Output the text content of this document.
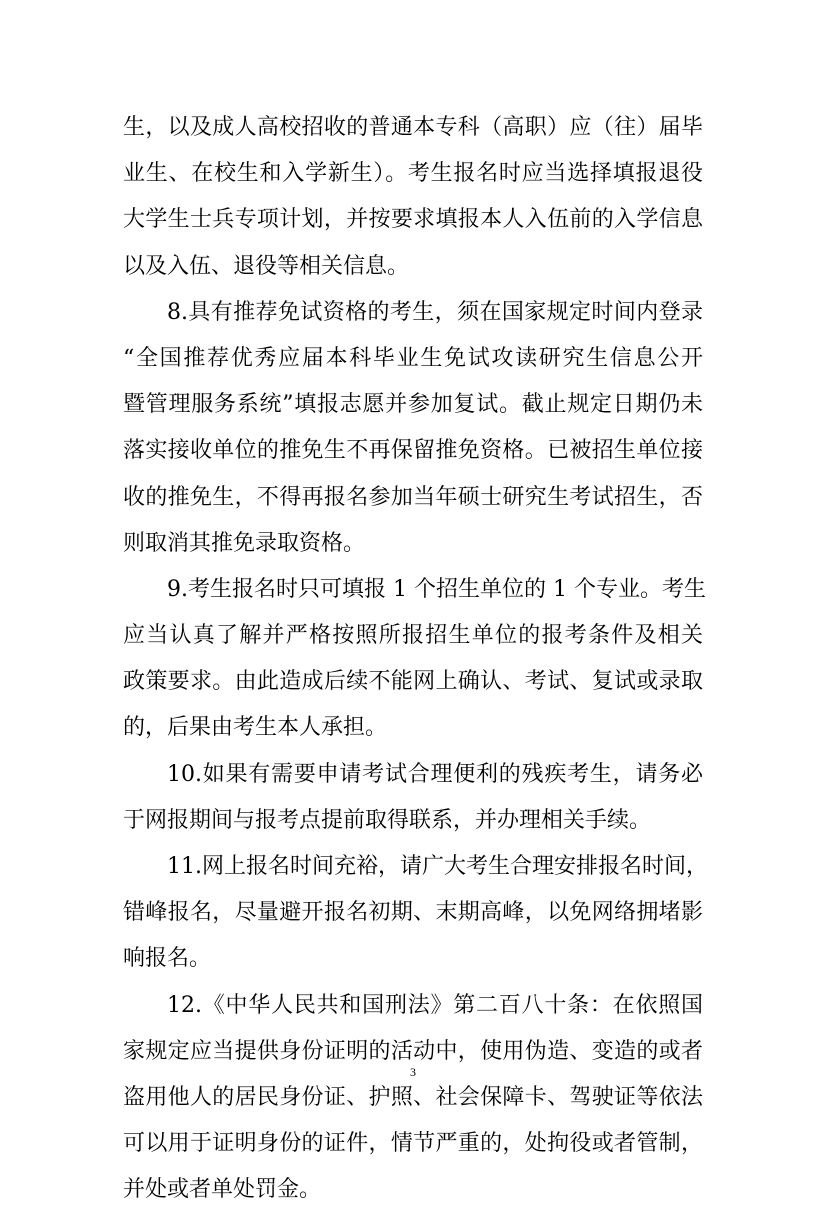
生，以及成人高校招收的普通本专科（高职）应（往）届毕
业生、在校生和入学新生）。考生报名时应当选择填报退役
大学生士兵专项计划，并按要求填报本人入伍前的入学信息
以及入伍、退役等相关信息。
8.具有推荐免试资格的考生，须在国家规定时间内登录
“全国推荐优秀应届本科毕业生免试攻读研究生信息公开
暨管理服务系统”填报志愿并参加复试。截止规定日期仍未
落实接收单位的推免生不再保留推免资格。已被招生单位接
收的推免生，不得再报名参加当年硕士研究生考试招生，否
则取消其推免录取资格。
9.考生报名时只可填报 1 个招生单位的 1 个专业。考生
应当认真了解并严格按照所报招生单位的报考条件及相关
政策要求。由此造成后续不能网上确认、考试、复试或录取
的，后果由考生本人承担。
10.如果有需要申请考试合理便利的残疾考生，请务必
于网报期间与报考点提前取得联系，并办理相关手续。
11.网上报名时间充裕，请广大考生合理安排报名时间，
错峰报名，尽量避开报名初期、末期高峰，以免网络拥堵影
响报名。
12.《中华人民共和国刑法》第二百八十条：在依照国
家规定应当提供身份证明的活动中，使用伪造、变造的或者
盗用他人的居民身份证、护照、社会保障卡、驾驶证等依法
可以用于证明身份的证件，情节严重的，处拘役或者管制，
并处或者单处罚金。
3
